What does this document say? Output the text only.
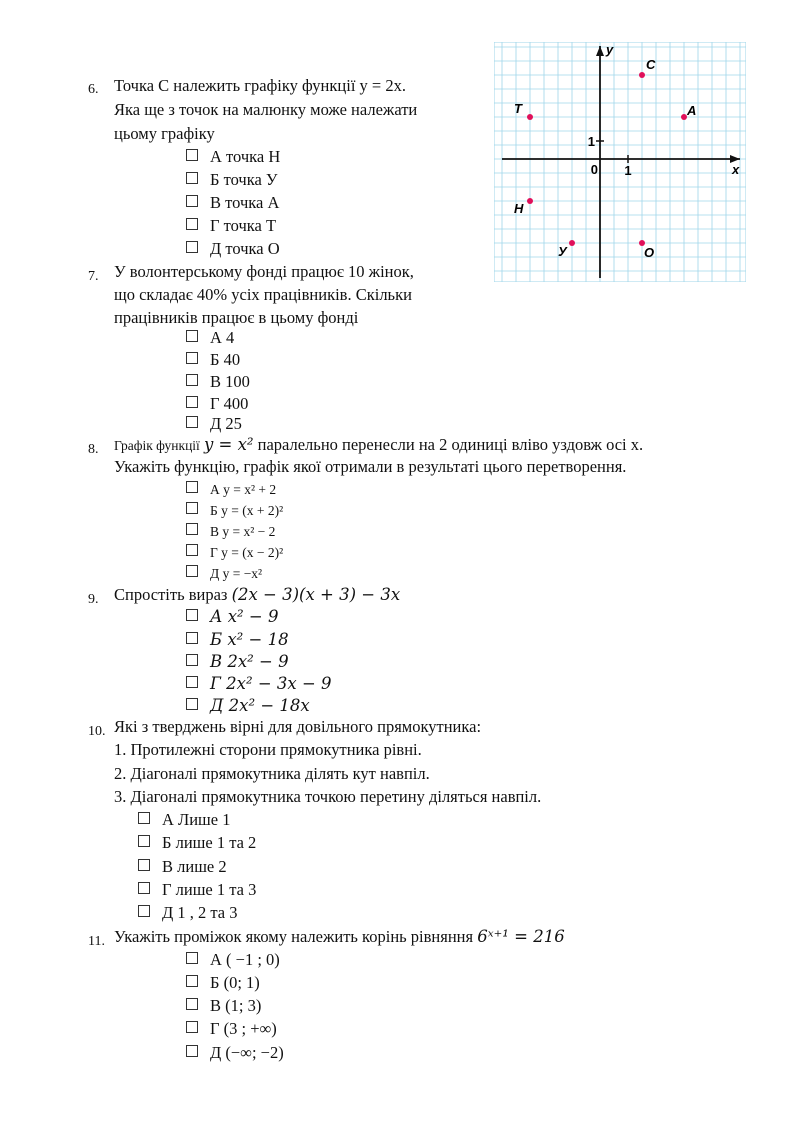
6. Точка С належить графіку функції у = 2х.
Яка ще з точок на малюнку може належати
цьому графіку
А точка Н
Б точка У
В точка А
Г точка Т
Д точка О
y
x
0 1
1
C
A
T
H
У	O
7. У волонтерському фонді працює 10 жінок,
що складає 40% усіх працівників. Скільки
працівників працює в цьому фонді
А 4
Б 40
В 100
Г 400
Д 25
8.	Графік функції y = x² паралельно перенесли на 2 одиниці вліво уздовж осі x.
Укажіть функцію, графік якої отримали в результаті цього перетворення.
А y = x² + 2
Б y = (x + 2)²
В y = x² − 2
Г y = (x − 2)²
Д y = −x²
9. Спростіть вираз (2x − 3)(x + 3) − 3x
А x² − 9
Б x² − 18
В 2x² − 9
Г 2x² − 3x − 9
Д 2x² − 18x
10. Які з тверджень вірні для довільного прямокутника:
1. Протилежні сторони прямокутника рівні.
2. Діагоналі прямокутника ділять кут навпіл.
3. Діагоналі прямокутника точкою перетину діляться навпіл.
А Лише 1
Б лише 1 та 2
В лише 2
Г лише 1 та 3
Д 1 , 2 та 3
11. Укажіть проміжок якому належить корінь рівняння 6ˣ⁺¹ = 216
А ( −1 ; 0)
Б (0; 1)
В (1; 3)
Г (3 ; +∞)
Д (−∞; −2)
